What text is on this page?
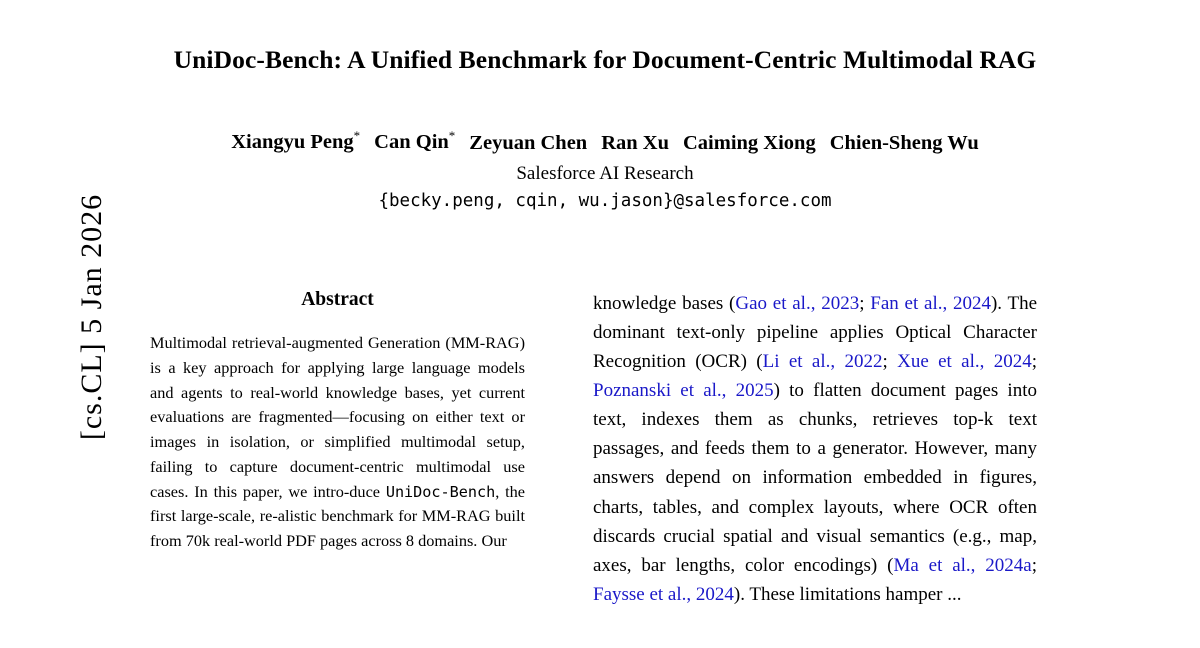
[cs.CL] 5 Jan 2026
UniDoc-Bench: A Unified Benchmark for Document-Centric Multimodal RAG
Xiangyu Peng* Can Qin* Zeyuan Chen Ran Xu Caiming Xiong Chien-Sheng Wu
Salesforce AI Research
{becky.peng, cqin, wu.jason}@salesforce.com
Abstract
Multimodal retrieval-augmented Generation (MM-RAG) is a key approach for applying large language models and agents to real-world knowledge bases, yet current evaluations are fragmented—focusing on either text or images in isolation, or simplified multimodal setup, failing to capture document-centric multimodal use cases. In this paper, we intro-duce UniDoc-Bench, the first large-scale, re-alistic benchmark for MM-RAG built from 70k real-world PDF pages across 8 domains. Our
knowledge bases (Gao et al., 2023; Fan et al., 2024). The dominant text-only pipeline applies Optical Character Recognition (OCR) (Li et al., 2022; Xue et al., 2024; Poznanski et al., 2025) to flatten document pages into text, indexes them as chunks, retrieves top-k text passages, and feeds them to a generator. However, many answers depend on information embedded in figures, charts, tables, and complex layouts, where OCR often discards crucial spatial and visual semantics (e.g., map, axes, bar lengths, color encodings) (Ma et al., 2024a; Faysse et al., 2024). These limitations hamper ...
